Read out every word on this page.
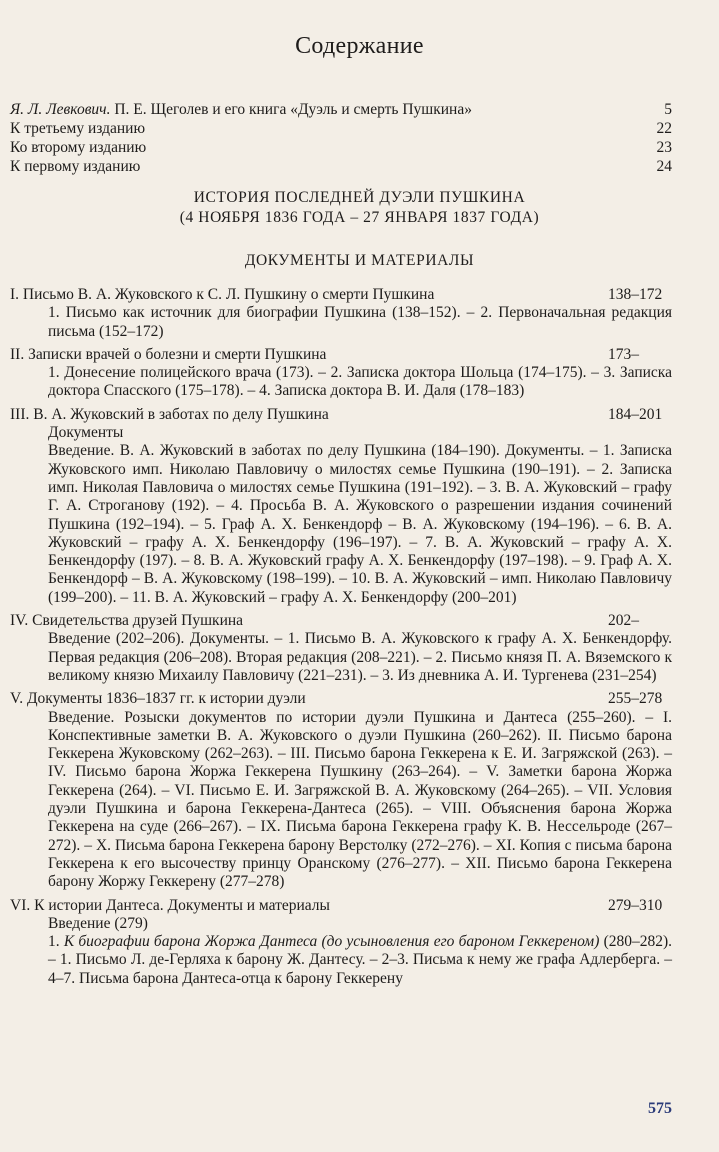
Содержание
Я. Л. Левкович. П. Е. Щеголев и его книга «Дуэль и смерть Пушкина»	5
К третьему изданию	22
Ко второму изданию	23
К первому изданию	24
ИСТОРИЯ ПОСЛЕДНЕЙ ДУЭЛИ ПУШКИНА
(4 НОЯБРЯ 1836 ГОДА – 27 ЯНВАРЯ 1837 ГОДА)
ДОКУМЕНТЫ И МАТЕРИАЛЫ
I. Письмо В. А. Жуковского к С. Л. Пушкину о смерти Пушкина	138–172

1. Письмо как источник для биографии Пушкина (138–152). – 2. Первоначальная редакция письма (152–172)

II. Записки врачей о болезни и смерти Пушкина	173–

1. Донесение полицейского врача (173). – 2. Записка доктора Шольца (174–175). – 3. Записка доктора Спасского (175–178). – 4. Записка доктора В. И. Даля (178–183)

III. В. А. Жуковский в заботах по делу Пушкина	184–201
Документы

Введение. В. А. Жуковский в заботах по делу Пушкина (184–190). Документы. – 1. Записка Жуковского имп. Николаю Павловичу о милостях семье Пушкина (190–191). – 2. Записка имп. Николая Павловича о милостях семье Пушкина (191–192). – 3. В. А. Жуковский – графу Г. А. Строганову (192). – 4. Просьба В. А. Жуковского о разрешении издания сочинений Пушкина (192–194). – 5. Граф А. Х. Бенкендорф – В. А. Жуковскому (194–196). – 6. В. А. Жуковский – графу А. Х. Бенкендорфу (196–197). – 7. В. А. Жуковский – графу А. Х. Бенкендорфу (197). – 8. В. А. Жуковский графу А. Х. Бенкендорфу (197–198). – 9. Граф А. Х. Бенкендорф – В. А. Жуковскому (198–199). – 10. В. А. Жуковский – имп. Николаю Павловичу (199–200). – 11. В. А. Жуковский – графу А. Х. Бенкендорфу (200–201)

IV. Свидетельства друзей Пушкина	202–

Введение (202–206). Документы. – 1. Письмо В. А. Жуковского к графу А. Х. Бенкендорфу. Первая редакция (206–208). Вторая редакция (208–221). – 2. Письмо князя П. А. Вяземского к великому князю Михаилу Павловичу (221–231). – 3. Из дневника А. И. Тургенева (231–254)

V. Документы 1836–1837 гг. к истории дуэли	255–278

Введение. Розыски документов по истории дуэли Пушкина и Дантеса (255–260). – I. Конспективные заметки В. А. Жуковского о дуэли Пушкина (260–262). II. Письмо барона Геккерена Жуковскому (262–263). – III. Письмо барона Геккерена к Е. И. Загряжской (263). – IV. Письмо барона Жоржа Геккерена Пушкину (263–264). – V. Заметки барона Жоржа Геккерена (264). – VI. Письмо Е. И. Загряжской В. А. Жуковскому (264–265). – VII. Условия дуэли Пушкина и барона Геккерена-Дантеса (265). – VIII. Объяснения барона Жоржа Геккерена на суде (266–267). – IX. Письма барона Геккерена графу К. В. Нессельроде (267–272). – X. Письма барона Геккерена барону Верстолку (272–276). – XI. Копия с письма барона Геккерена к его высочеству принцу Оранскому (276–277). – XII. Письмо барона Геккерена барону Жоржу Геккерену (277–278)

VI. К истории Дантеса. Документы и материалы	279–310
Введение (279)

1. К биографии барона Жоржа Дантеса (до усыновления его бароном Геккереном) (280–282). – 1. Письмо Л. де-Герляха к барону Ж. Дантесу. – 2–3. Письма к нему же графа Адлерберга. – 4–7. Письма барона Дантеса-отца к барону Геккерену

575
